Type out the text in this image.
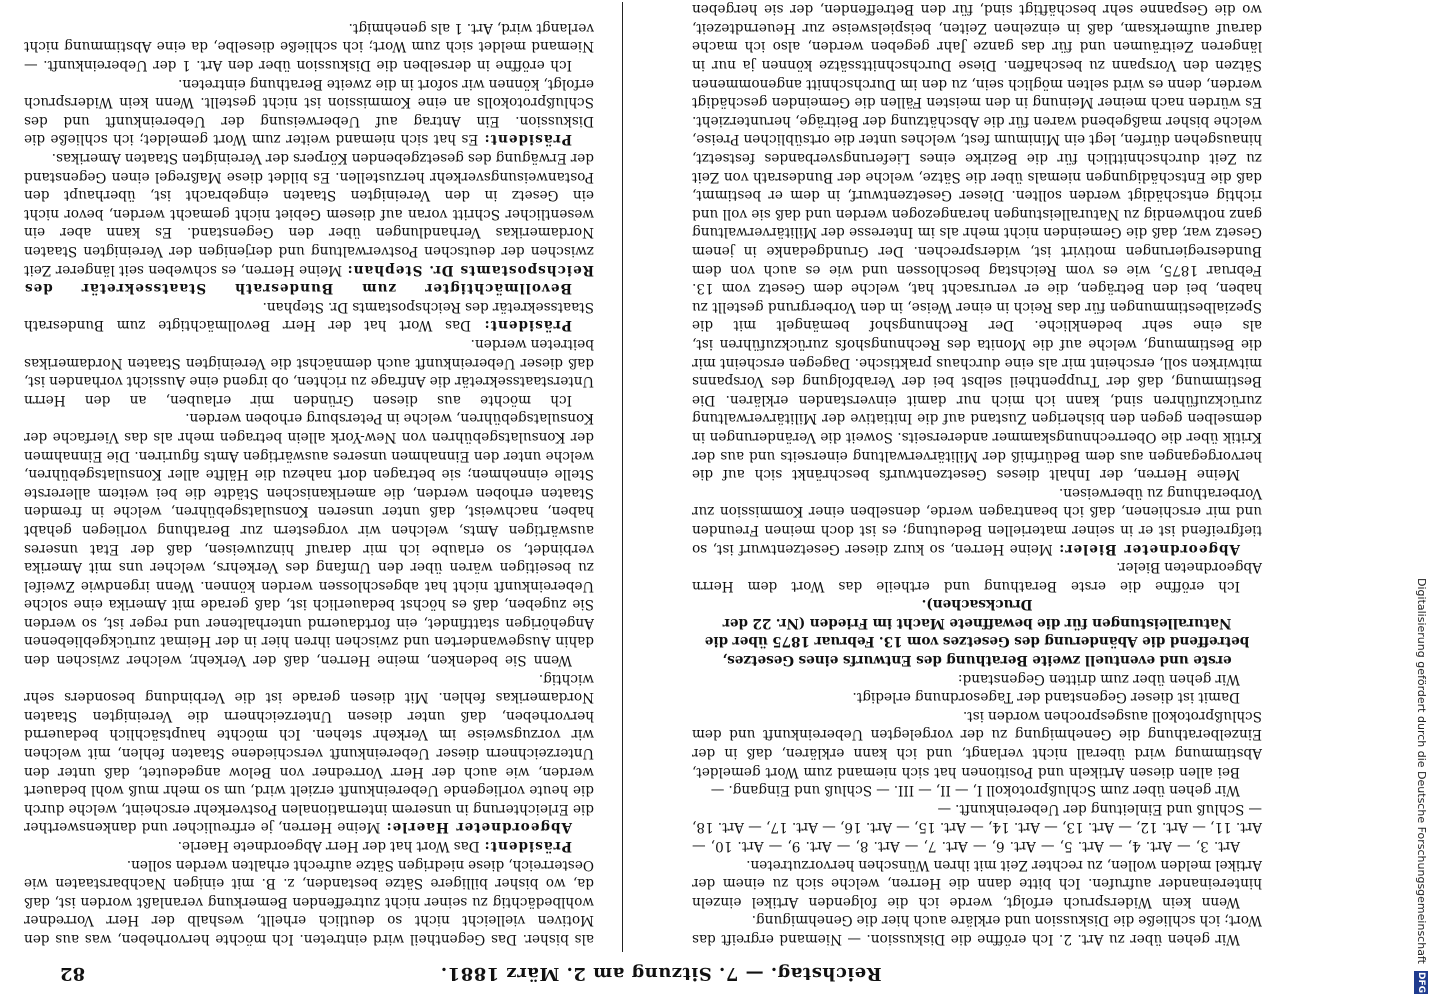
Reichstag. — 7. Sitzung am 2. März 1881.
82

Wir gehen über zu Art. 2. Ich eröffne die Diskussion. — Niemand ergreift das Wort; ich schließe die Diskussion und erkläre auch hier die Genehmigung.

Wenn kein Widerspruch erfolgt, werde ich die folgenden Artikel einzeln hintereinander aufrufen. Ich bitte dann die Herren, welche sich zu einem der Artikel melden wollen, zu rechter Zeit mit ihren Wünschen hervorzutreten.

Art. 3, — Art. 4, — Art. 5, — Art. 6, — Art. 7, — Art. 8, — Art. 9, — Art. 10, — Art. 11, — Art. 12, — Art. 13, — Art. 14, — Art. 15, — Art. 16, — Art. 17, — Art. 18, — Schluß und Einleitung der Uebereinkunft. —

Wir gehen über zum Schlußprotokoll I, — II, — III. — Schluß und Eingang. —

Bei allen diesen Artikeln und Positionen hat sich niemand zum Wort gemeldet, Abstimmung wird überall nicht verlangt, und ich kann erklären, daß in der Einzelberathung die Genehmigung zu der vorgelegten Uebereinkunft und dem Schlußprotokoll ausgesprochen worden ist.

Damit ist dieser Gegenstand der Tagesordnung erledigt.

Wir gehen über zum dritten Gegenstand:

erste und eventuell zweite Berathung des Entwurfs eines Gesetzes, betreffend die Abänderung des Gesetzes vom 13. Februar 1875 über die Naturalleistungen für die bewaffnete Macht im Frieden (Nr. 22 der Drucksachen).

Ich eröffne die erste Berathung und ertheile das Wort dem Herrn Abgeordneten Bieler.

Abgeordneter Bieler: Meine Herren, so kurz dieser Gesetzentwurf ist, so tiefgreifend ist er in seiner materiellen Bedeutung; es ist doch meinen Freunden und mir erschienen, daß ich beantragen werde, denselben einer Kommission zur Vorberathung zu überweisen.

Meine Herren, der Inhalt dieses Gesetzentwurfs beschränkt sich auf die hervorgegangen aus dem Bedürfniß der Militärverwaltung einerseits und aus der Kritik über die Oberrechnungskammer andererseits. Soweit die Veränderungen in demselben gegen den bisherigen Zustand auf die Initiative der Militärverwaltung zurückzuführen sind, kann ich mich nur damit einverstanden erklären. Die Bestimmung, daß der Truppentheil selbst bei der Verabfolgung des Vorspanns mitwirken soll, erscheint mir als eine durchaus praktische. Dagegen erscheint mir die Bestimmung, welche auf die Monita des Rechnungshofs zurückzuführen ist, als eine sehr bedenkliche. Der Rechnungshof bemängelt mit die Spezialbestimmungen für das Reich in einer Weise, in den Vorbergrund gestellt zu haben, bei den Beträgen, die er verursacht hat, welche dem Gesetz vom 13. Februar 1875, wie es vom Reichstag beschlossen und wie es auch von dem Bundesregierungen motivirt ist, widersprechen. Der Grundgedanke in jenem Gesetz war, daß die Gemeinden nicht mehr als im Interesse der Militärverwaltung ganz nothwendig zu Naturalleistungen herangezogen werden und daß sie voll und richtig entschädigt werden sollten. Dieser Gesetzentwurf, in dem er bestimmt, daß die Entschädigungen niemals über die Sätze, welche der Bundesrath von Zeit zu Zeit durchschnittlich für die Bezirke eines Lieferungsverbandes festsetzt, hinausgehen dürfen, legt ein Minimum fest, welches unter die ortsüblichen Preise, welche bisher maßgebend waren für die Abschätzung der Beiträge, herunterzieht. Es würden nach meiner Meinung in den meisten Fällen die Gemeinden geschädigt werden, denn es wird selten möglich sein, zu den im Durchschnitt angenommenen Sätzen den Vorspann zu beschaffen. Diese Durchschnittssätze können ja nur in längeren Zeiträumen und für das ganze Jahr gegeben werden, also ich mache darauf aufmerksam, daß in einzelnen Zeiten, beispielsweise zur Heuerndtezeit, wo die Gespanne sehr beschäftigt sind, für den Betreffenden, der sie hergeben

als bisher. Das Gegentheil wird eintreten. Ich möchte hervorheben, was aus den Motiven vielleicht nicht so deutlich erhellt, weshalb der Herr Vorredner wohlbedächtig zu seiner nicht zutreffenden Bemerkung veranlaßt worden ist, daß da, wo bisher billigere Sätze bestanden, z. B. mit einigen Nachbarstaaten wie Oesterreich, diese niedrigen Sätze aufrecht erhalten werden sollen.

Präsident: Das Wort hat der Herr Abgeordnete Haerle.

Abgeordneter Haerle: Meine Herren, je erfreulicher und dankenswerther die Erleichterung in unserem internationalen Postverkehr erscheint, welche durch die heute vorliegende Uebereinkunft erzielt wird, um so mehr muß wohl bedauert werden, wie auch der Herr Vorredner von Below angedeutet, daß unter den Unterzeichnern dieser Uebereinkunft verschiedene Staaten fehlen, mit welchen wir vorzugsweise im Verkehr stehen. Ich möchte hauptsächlich bedauernd hervorheben, daß unter diesen Unterzeichnern die Vereinigten Staaten Nordamerikas fehlen. Mit diesen gerade ist die Verbindung besonders sehr wichtig.

Wenn Sie bedenken, meine Herren, daß der Verkehr, welcher zwischen den dahin Ausgewanderten und zwischen ihren hier in der Heimat zurückgebliebenen Angehörigen stattfindet, ein fortdauernd unterhaltener und reger ist, so werden Sie zugeben, daß es höchst bedauerlich ist, daß gerade mit Amerika eine solche Uebereinkunft nicht hat abgeschlossen werden können. Wenn irgendwie Zweifel zu beseitigen wären über den Umfang des Verkehrs, welcher uns mit Amerika verbindet, so erlaube ich mir darauf hinzuweisen, daß der Etat unseres auswärtigen Amts, welchen wir vorgestern zur Berathung vorliegen gehabt haben, nachweist, daß unter unseren Konsulatsgebühren, welche in fremden Staaten erhoben werden, die amerikanischen Städte die bei weitem allererste Stelle einnehmen; sie betragen dort nahezu die Hälfte aller Konsulatsgebühren, welche unter den Einnahmen unseres auswärtigen Amts figuriren. Die Einnahmen der Konsulatsgebühren von New-York allein betragen mehr als das Vierfache der Konsulatsgebühren, welche in Petersburg erhoben werden.

Ich möchte aus diesen Gründen mir erlauben, an den Herrn Unterstaatssekretär die Anfrage zu richten, ob irgend eine Aussicht vorhanden ist, daß dieser Uebereinkunft auch demnächst die Vereinigten Staaten Nordamerikas beitreten werden.

Präsident: Das Wort hat der Herr Bevollmächtigte zum Bundesrath Staatssekretär des Reichspostamts Dr. Stephan.

Bevollmächtigter zum Bundesrath Staatssekretär des Reichspostamts Dr. Stephan: Meine Herren, es schweben seit längerer Zeit zwischen der deutschen Postverwaltung und derjenigen der Vereinigten Staaten Nordamerikas Verhandlungen über den Gegenstand. Es kann aber ein wesentlicher Schritt voran auf diesem Gebiet nicht gemacht werden, bevor nicht ein Gesetz in den Vereinigten Staaten eingebracht ist, überhaupt den Postanweisungsverkehr herzustellen. Es bildet diese Maßregel einen Gegenstand der Erwägung des gesetzgebenden Körpers der Vereinigten Staaten Amerikas.

Präsident: Es hat sich niemand weiter zum Wort gemeldet; ich schließe die Diskussion. Ein Antrag auf Ueberweisung der Uebereinkunft und des Schlußprotokolls an eine Kommission ist nicht gestellt. Wenn kein Widerspruch erfolgt, können wir sofort in die zweite Berathung eintreten.

Ich eröffne in derselben die Diskussion über den Art. 1 der Uebereinkunft. — Niemand meldet sich zum Wort; ich schließe dieselbe, da eine Abstimmung nicht verlangt wird, Art. 1 als genehmigt.

Digitalisierung gefördert durch die Deutsche Forschungsgemeinschaft DFG
